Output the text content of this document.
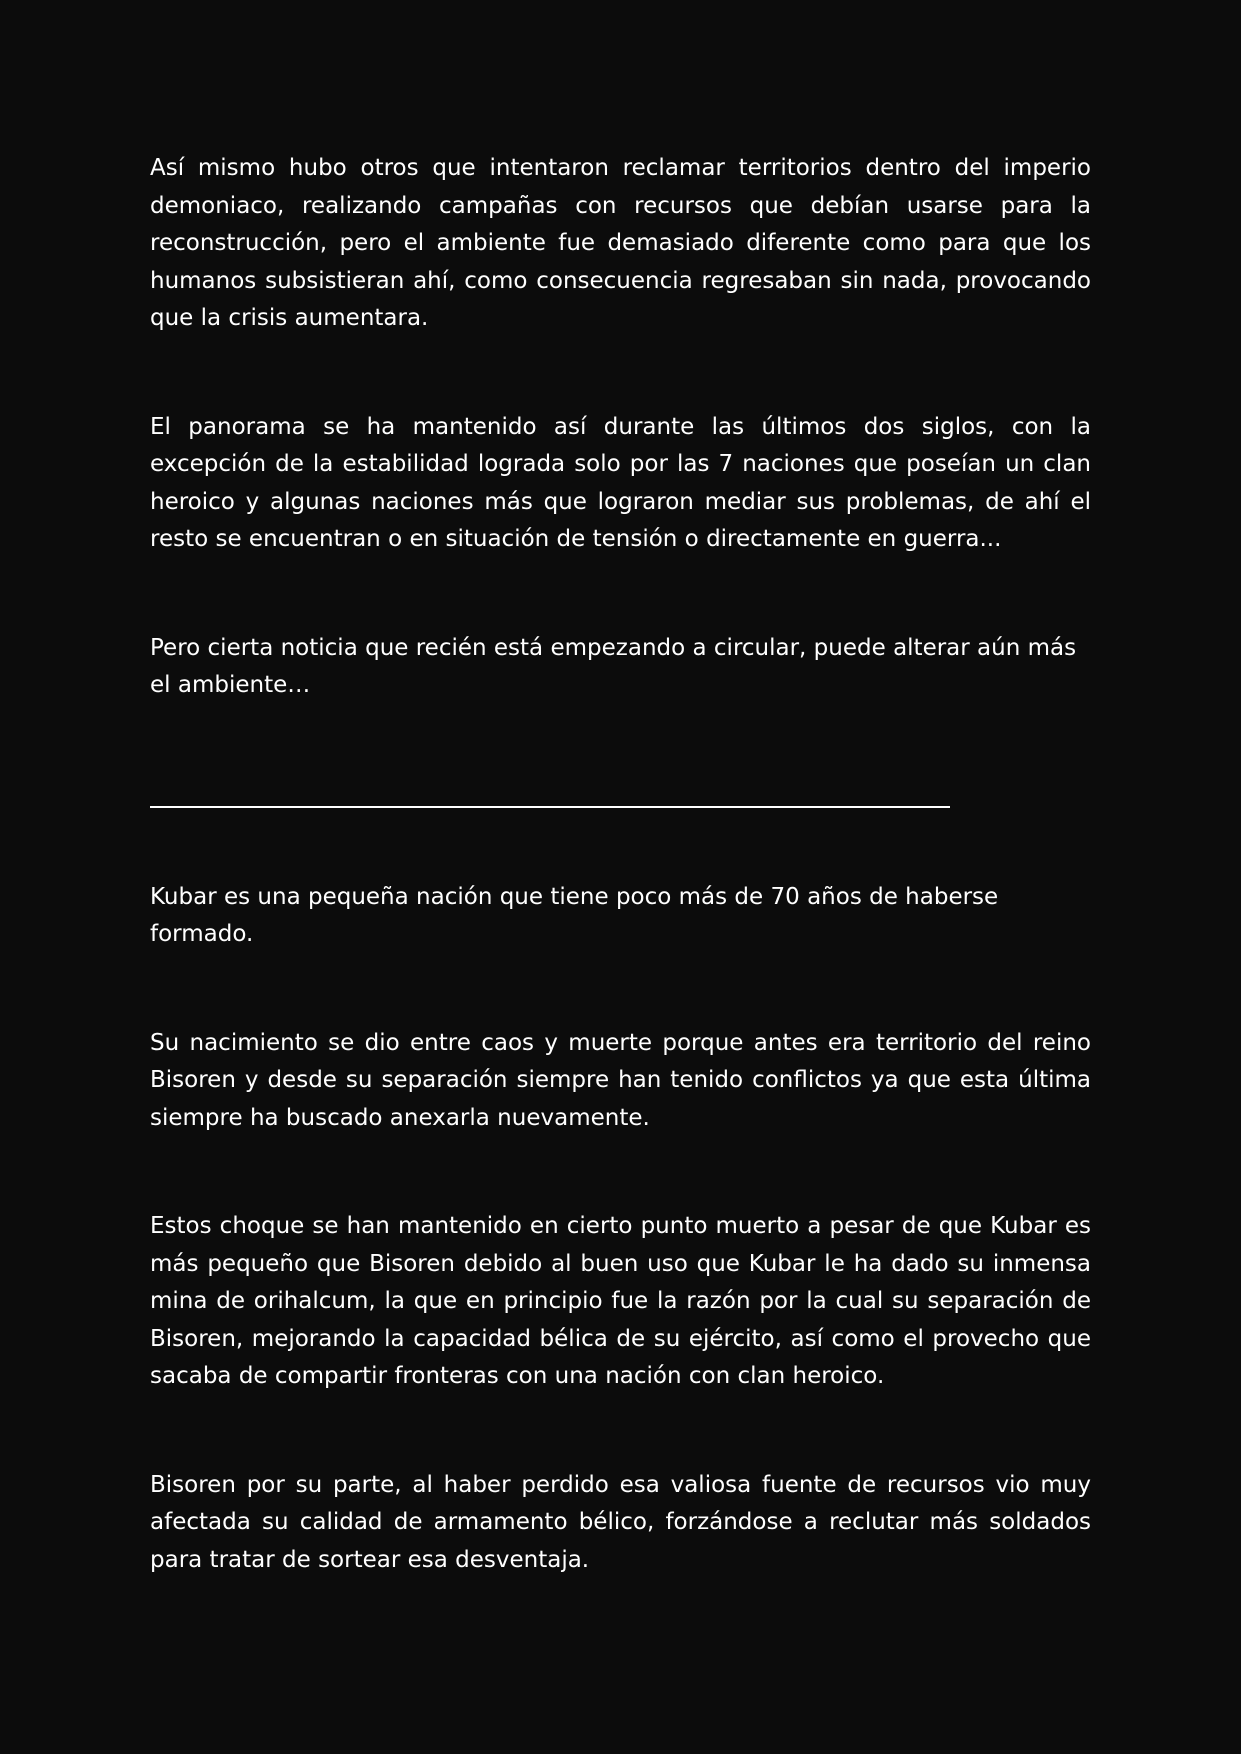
Así mismo hubo otros que intentaron reclamar territorios dentro del imperio demoniaco, realizando campañas con recursos que debían usarse para la reconstrucción, pero el ambiente fue demasiado diferente como para que los humanos subsistieran ahí, como consecuencia regresaban sin nada, provocando que la crisis aumentara.

El panorama se ha mantenido así durante las últimos dos siglos, con la excepción de la estabilidad lograda solo por las 7 naciones que poseían un clan heroico y algunas naciones más que lograron mediar sus problemas, de ahí el resto se encuentran o en situación de tensión o directamente en guerra...

Pero cierta noticia que recién está empezando a circular, puede alterar aún más el ambiente…

Kubar es una pequeña nación que tiene poco más de 70 años de haberse formado.

Su nacimiento se dio entre caos y muerte porque antes era territorio del reino Bisoren y desde su separación siempre han tenido conflictos ya que esta última siempre ha buscado anexarla nuevamente.

Estos choque se han mantenido en cierto punto muerto a pesar de que Kubar es más pequeño que Bisoren debido al buen uso que Kubar le ha dado su inmensa mina de orihalcum, la que en principio fue la razón por la cual su separación de Bisoren, mejorando la capacidad bélica de su ejército, así como el provecho que sacaba de compartir fronteras con una nación con clan heroico.

Bisoren por su parte, al haber perdido esa valiosa fuente de recursos vio muy afectada su calidad de armamento bélico, forzándose a reclutar más soldados para tratar de sortear esa desventaja.
